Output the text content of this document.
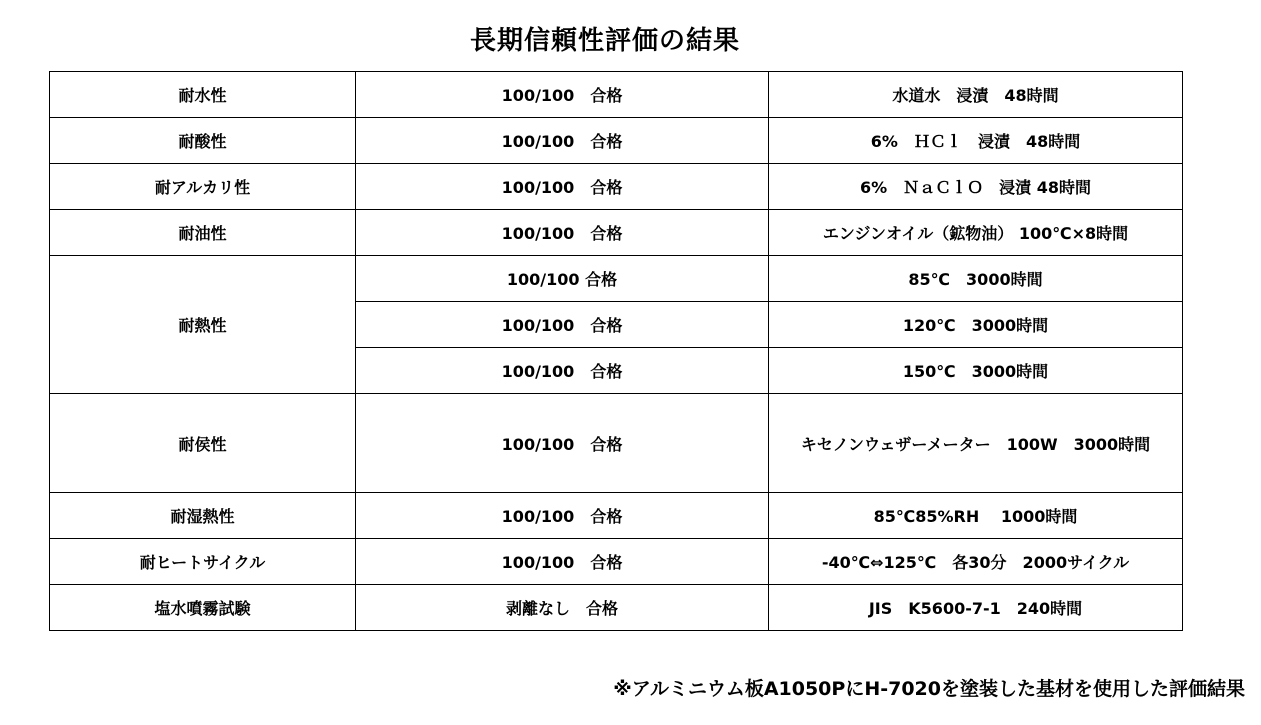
長期信頼性評価の結果
耐水性	100/100　合格	水道水　浸漬　48時間
耐酸性	100/100　合格	6%　ＨＣｌ　浸漬　48時間
耐アルカリ性	100/100　合格	6%　ＮａＣｌＯ　浸漬 48時間
耐油性	100/100　合格	エンジンオイル（鉱物油） 100℃×8時間
耐熱性	100/100 合格	85℃　3000時間
	100/100　合格	120℃　3000時間
	100/100　合格	150℃　3000時間
耐侯性	100/100　合格	キセノンウェザーメーター　100W　3000時間
耐湿熱性	100/100　合格	85℃85%RH　 1000時間
耐ヒートサイクル	100/100　合格	-40℃⇔125℃　各30分　2000サイクル
塩水噴霧試験	剥離なし　合格	JIS　K5600-7-1　240時間
※アルミニウム板A1050PにH-7020を塗装した基材を使用した評価結果
